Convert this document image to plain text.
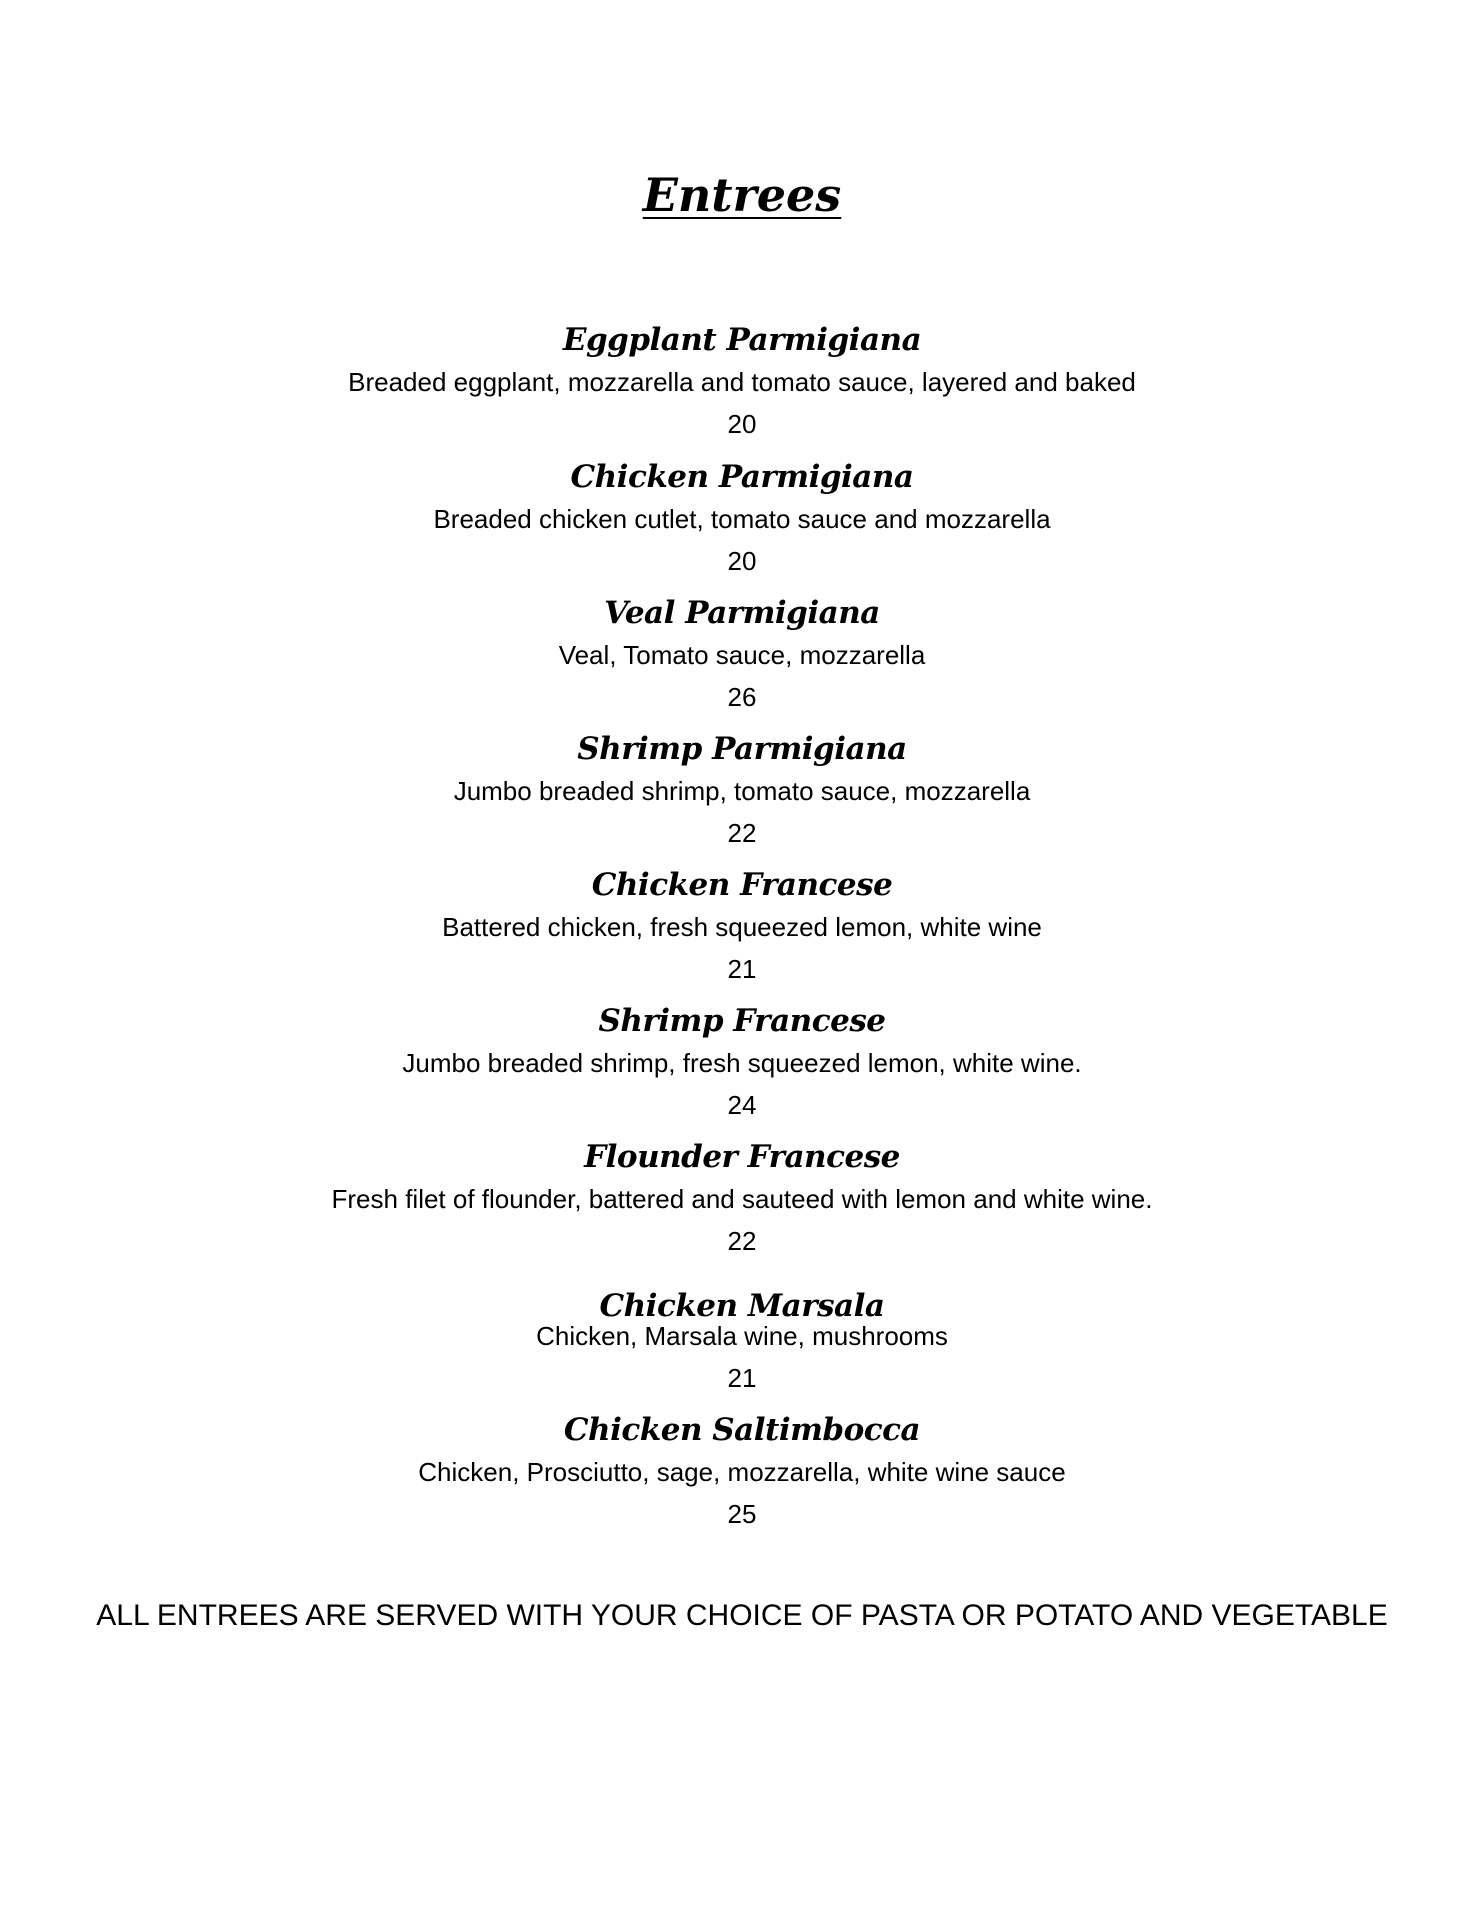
Entrees
Eggplant Parmigiana
Breaded eggplant, mozzarella and tomato sauce, layered and baked
20
Chicken Parmigiana
Breaded chicken cutlet, tomato sauce and mozzarella
20
Veal Parmigiana
Veal, Tomato sauce, mozzarella
26
Shrimp Parmigiana
Jumbo breaded shrimp, tomato sauce, mozzarella
22
Chicken Francese
Battered chicken, fresh squeezed lemon, white wine
21
Shrimp Francese
Jumbo breaded shrimp, fresh squeezed lemon, white wine.
24
Flounder Francese
Fresh filet of flounder, battered and sauteed with lemon and white wine.
22
Chicken Marsala
Chicken, Marsala wine, mushrooms
21
Chicken Saltimbocca
Chicken, Prosciutto, sage, mozzarella, white wine sauce
25
ALL ENTREES ARE SERVED WITH YOUR CHOICE OF PASTA OR POTATO AND VEGETABLE
